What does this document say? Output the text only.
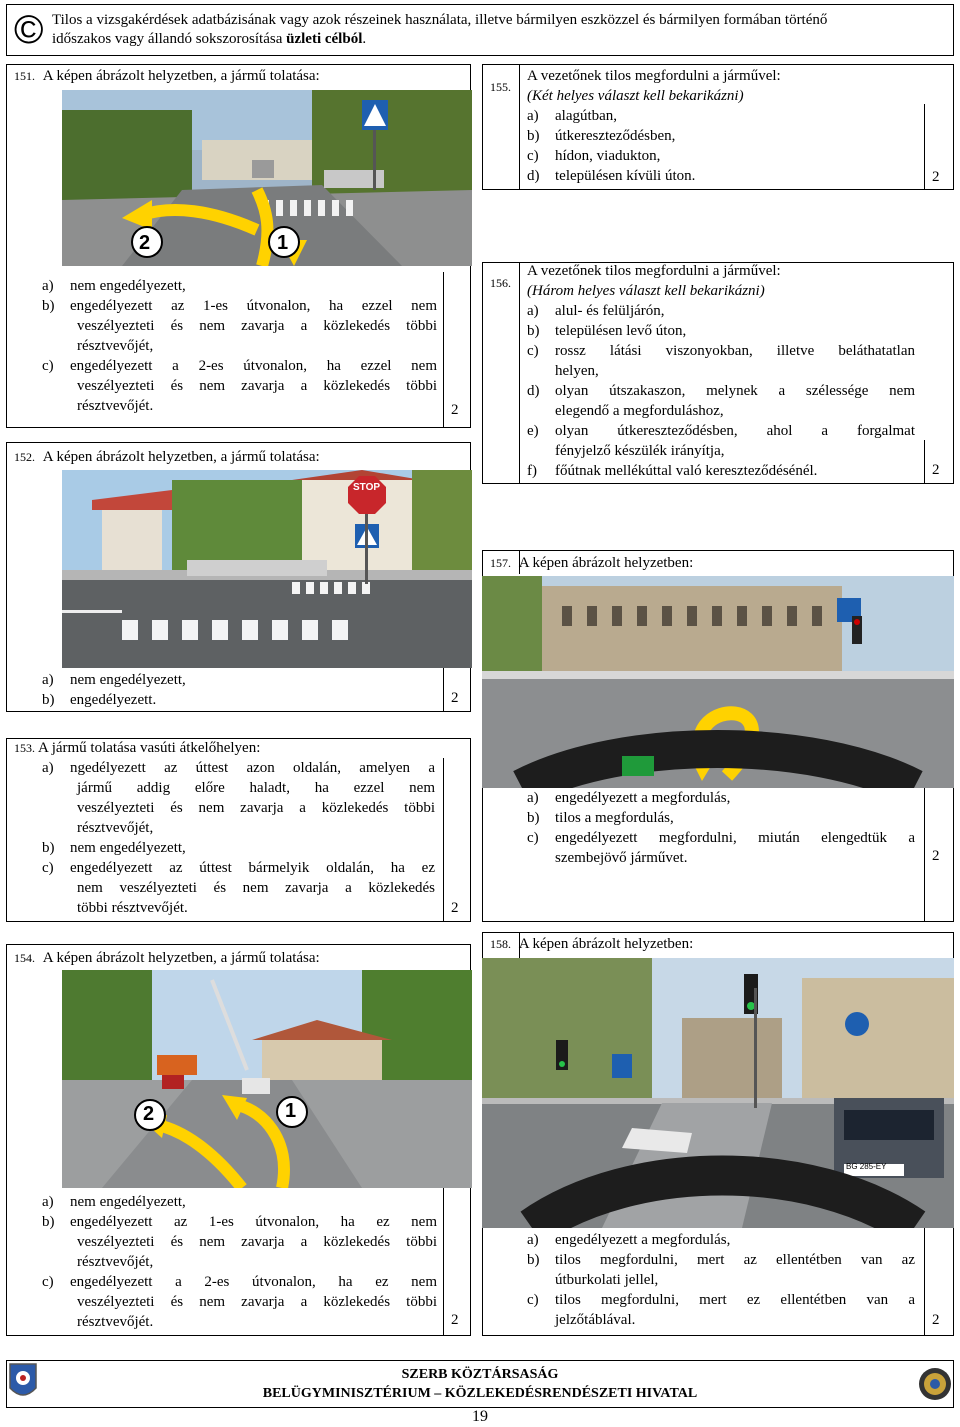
© Tilos a vizsgakérdések adatbázisának vagy azok részeinek használata, illetve bármilyen eszközzel és bármilyen formában történő
időszakos vagy állandó sokszorosítása üzleti célból.
151. A képen ábrázolt helyzetben, a jármű tolatása:
2	1
a) nem engedélyezett,
b) engedélyezett az 1-es útvonalon, ha ezzel nem
veszélyezteti és nem zavarja a közlekedés többi
résztvevőjét,
c) engedélyezett a 2-es útvonalon, ha ezzel nem
veszélyezteti és nem zavarja a közlekedés többi
résztvevőjét.	2
152. A képen ábrázolt helyzetben, a jármű tolatása:
STOP
a) nem engedélyezett,
b) engedélyezett.	2
153. A jármű tolatása vasúti átkelőhelyen:
a) ngedélyezett az úttest azon oldalán, amelyen a
jármű addig előre haladt, ha ezzel nem
veszélyezteti és nem zavarja a közlekedés többi
résztvevőjét,
b) nem engedélyezett,
c) engedélyezett az úttest bármelyik oldalán, ha ez
nem veszélyezteti és nem zavarja a közlekedés
többi résztvevőjét.	2
154. A képen ábrázolt helyzetben, a jármű tolatása:
2	1
a) nem engedélyezett,
b) engedélyezett az 1-es útvonalon, ha ez nem
veszélyezteti és nem zavarja a közlekedés többi
résztvevőjét,
c) engedélyezett a 2-es útvonalon, ha ez nem
veszélyezteti és nem zavarja a közlekedés többi
résztvevőjét.	2
155.
A vezetőnek tilos megfordulni a járművel:
(Két helyes választ kell bekarikázni)
a) alagútban,
b) útkereszteződésben,
c) hídon, viadukton,
d) településen kívüli úton.	2
156.
A vezetőnek tilos megfordulni a járművel:
(Három helyes választ kell bekarikázni)
a) alul- és felüljárón,
b) településen levő úton,
c) rossz látási viszonyokban, illetve beláthatatlan
helyen,
d) olyan útszakaszon, melynek a szélessége nem
elegendő a megforduláshoz,
e) olyan útkereszteződésben, ahol a forgalmat
fényjelző készülék irányítja,
f) főútnak mellékúttal való kereszteződésénél.	2
157. A képen ábrázolt helyzetben:
a) engedélyezett a megfordulás,
b) tilos a megfordulás,
c) engedélyezett megfordulni, miután elengedtük a
szembejövő járművet.	2
158. A képen ábrázolt helyzetben:
BG 285-EY
a) engedélyezett a megfordulás,
b) tilos megfordulni, mert az ellentétben van az
útburkolati jellel,
c) tilos megfordulni, mert ez ellentétben van a
jelzőtáblával.	2
SZERB KÖZTÁRSASÁG
BELÜGYMINISZTÉRIUM – KÖZLEKEDÉSRENDÉSZETI HIVATAL
19
